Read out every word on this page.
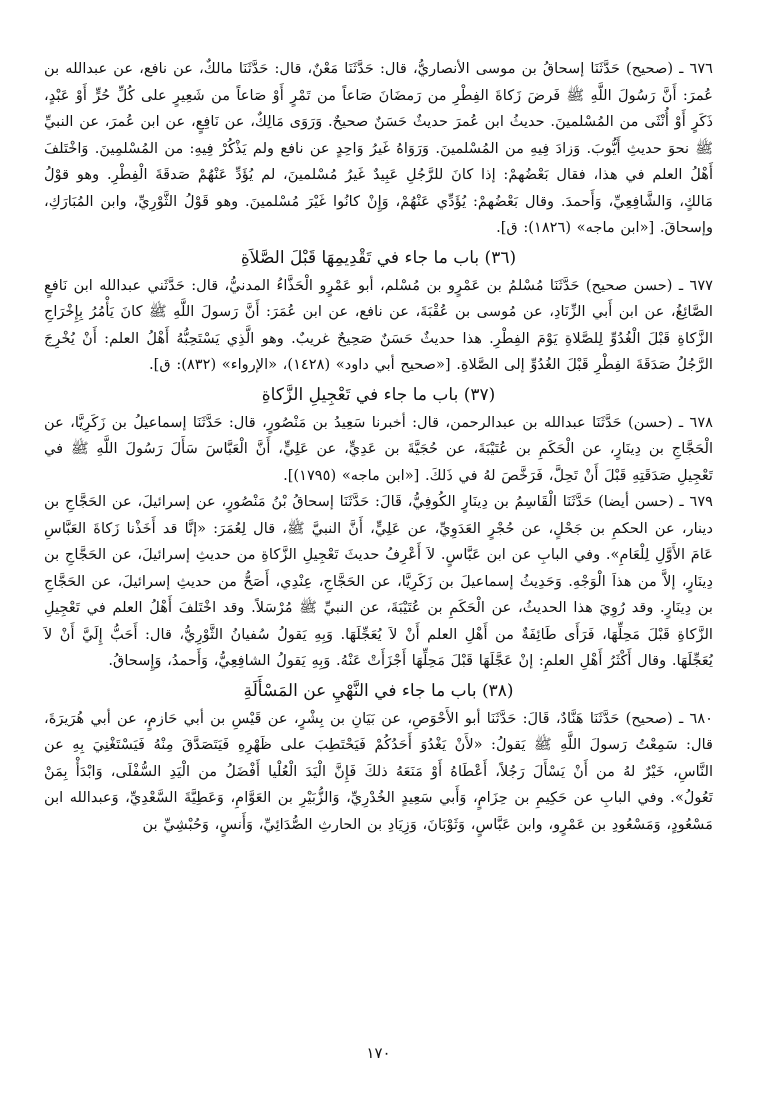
٦٧٦ ـ (صحيح) حَدَّثَنَا إسحاقُ بن موسى الأنصاريُّ، قال: حَدَّثَنَا مَعْنٌ، قال: حَدَّثَنَا مالكٌ، عن نافع، عن عبدالله بن عُمرَ: أَنَّ رَسُولَ اللَّهِ ﷺ فَرضَ زَكاةَ الفِطْرِ من رَمضَانَ صَاعاً من تَمْرٍ أَوْ صَاعاً من شَعِيرٍ على كُلِّ حُرٍّ أَوْ عَبْدٍ، ذَكَرٍ أَوْ أُنْثَى من المُسْلمينَ. حديثُ ابن عُمرَ حديثٌ حَسَنٌ صحيحٌ. وَرَوَى مَالِكٌ، عن نَافِعٍ، عن ابن عُمرَ، عن النبيِّ ﷺ نحوَ حديثِ أَيُّوبَ. وَزادَ فِيهِ من المُسْلمينَ. وَرَوَاهُ غَيرُ وَاحِدٍ عن نافع ولم يَذْكُرْ فِيهِ: من المُسْلمِينَ. وَاخْتَلفَ أَهْلُ العلم في هذا، فقال بَعْضُهمْ: إذا كانَ للرَّجُلِ عَبِيدٌ غَيرُ مُسْلمينَ، لم يُؤَدِّ عَنْهُمْ صَدقَةَ الْفِطْرِ. وهو قوْلُ مَالكٍ، وَالشَّافِعِيِّ، وَأَحمدَ. وقال بَعْضُهمْ: يُؤَدِّي عَنْهُمْ، وَإِنْ كانُوا غَيْرَ مُسْلمينَ. وهو قَوْلُ الثَّوْرِيِّ، وابن المُبَارَكِ، وإسحاقَ. [«ابن ماجه» (١٨٢٦): ق].

(٣٦) باب ما جاء في تَقْدِيمِهَا قَبْلَ الصَّلاَةِ

٦٧٧ ـ (حسن صحيح) حَدَّثَنَا مُسْلمُ بن عَمْرٍو بن مُسْلم، أبو عَمْرٍو الْحَذَّاءُ المدنيُّ، قال: حَدَّثَني عبدالله ابن نَافعٍ الصَّائِغُ، عن ابن أَبي الزِّنَادِ، عن مُوسى بن عُقْبَةَ، عن نافع، عن ابن عُمَرَ: أَنَّ رَسولَ اللَّهِ ﷺ كانَ يَأْمُرُ بِإِخْرَاجِ الزَّكاةِ قَبْلَ الْغُدُوِّ لِلصَّلاةِ يَوْمَ الفِطْرِ. هذا حديثٌ حَسَنٌ صَحِيحٌ غريبٌ. وهو الَّذِي يَسْتَحِبُّهُ أَهْلُ العلم: أَنْ يُخْرِجَ الرَّجُلُ صَدَقَةَ الفِطْرِ قَبْلَ الغُدُوِّ إلى الصَّلاةِ. [«صحيح أبي داود» (١٤٢٨)، «الإرواء» (٨٣٢): ق].

(٣٧) باب ما جاء في تَعْجِيلِ الزَّكاةِ

٦٧٨ ـ (حسن) حَدَّثَنَا عبدالله بن عبدالرحمن، قال: أخبرنا سَعِيدُ بن مَنْصُورٍ، قال: حَدَّثَنَا إسماعيلُ بن زَكَرِيَّا، عن الْحَجَّاجِ بن دِينَارٍ، عن الْحَكَمِ بن عُتَيْبَةَ، عن حُجَيَّةَ بن عَدِيٍّ، عن عَلِيٍّ، أَنَّ الْعَبَّاسَ سَأَلَ رَسُولَ اللَّهِ ﷺ في تَعْجِيلِ صَدَقَتِهِ قَبْلَ أَنْ تَحِلَّ، فَرَخَّصَ لهُ في ذَلكَ. [«ابن ماجه» (١٧٩٥)].

٦٧٩ ـ (حسن أيضا) حَدَّثَنَا الْقَاسِمُ بن دِينَارٍ الكُوفِيُّ، قَالَ: حَدَّثَنَا إسحاقُ بْنُ مَنْصُورٍ، عن إسرائيلَ، عن الحَجَّاجِ بن دينار، عن الحكمِ بن جَحْلٍ، عن حُجْرٍ العَدَوِيِّ، عن عَلِيٍّ، أَنَّ النبيَّ ﷺ، قال لِعُمَرَ: «إنَّا قد أَخَذْنا زَكاةَ العَبَّاسِ عَامَ الأَوَّلِ لِلْعَامِ». وفي البابِ عن ابن عَبَّاسٍ. لاَ أَعْرِفُ حديثَ تَعْجِيلِ الزَّكاةِ من حديثِ إسرائيلَ، عن الحَجَّاجِ بن دِينَارٍ، إلاَّ من هذاَ الْوَجْهِ. وَحَدِيثُ إسماعيلَ بن زَكَرِيَّا، عن الحَجَّاجِ، عِنْدِي، أَصَحُّ من حديثِ إسرائيلَ، عن الحَجَّاجِ بن دِينَارٍ. وقد رُوِيَ هذا الحديثُ، عن الْحَكَمِ بن عُتَيْبَةَ، عن النبيِّ ﷺ مُرْسَلاً. وقد اخْتَلفَ أَهْلُ العلم في تَعْجِيلِ الزَّكاةِ قَبْلَ مَحِلِّهَا، فَرَأَى طَائِفَةٌ من أَهْلِ العلم أَنْ لاَ يُعَجِّلَهَا. وَبِهِ يَقولُ سُفيانُ الثَّوْرِيُّ، قال: أَحَبُّ إِلَيَّ أَنْ لاَ يُعَجِّلَهَا. وقال أَكْثَرُ أَهْلِ العلمِ: إنْ عَجَّلَهَا قَبْلَ مَحِلِّهَا أَجْزَأَتْ عَنْهُ. وَبِهِ يَقولُ الشافِعِيُّ، وَأَحمدُ، وَإِسحاقُ.

(٣٨) باب ما جاء في النَّهْيِ عن المَسْأَلَةِ

٦٨٠ ـ (صحيح) حَدَّثَنَا هَنَّادٌ، قَالَ: حَدَّثَنَا أبو الأَحْوَصِ، عن بَيَانِ بن بِشْرٍ، عن قَيْسِ بن أبي حَازمٍ، عن أبي هُرَيرَةَ، قال: سَمِعْتُ رَسولَ اللَّهِ ﷺ يَقولُ: «لأَنْ يَغْدُوَ أَحَدُكُمْ فَيَحْتَطِبَ على ظَهْرِهِ فَيَتَصَدَّقَ مِنْهُ فَيَسْتَغْنِيَ بِهِ عن النَّاسِ، خَيْرٌ لهُ من أَنْ يَسْأَلَ رَجُلاً، أَعْطَاهُ أَوْ مَنَعَهُ ذلكَ فَإِنَّ الْيَدَ الْعُلْيا أَفْضَلُ من الْيَدِ السُّفْلَى، وَابْدَأْ بِمَنْ تَعُولُ». وفي البابِ عن حَكِيمِ بن حِزَامٍ، وَأَبي سَعِيدٍ الخُدْرِيِّ، وَالزُّبَيْرِ بن العَوَّامِ، وَعَطِيَّةَ السَّعْدِيِّ، وَعبدالله ابن مَسْعُودٍ، وَمَسْعُودِ بن عَمْرٍو، وابن عَبَّاسٍ، وَثَوْبَانَ، وَزِيَادِ بن الحارثِ الصُّدَائِيِّ، وَأَنسٍ، وَحُبْشِيِّ بن

١٧٠
